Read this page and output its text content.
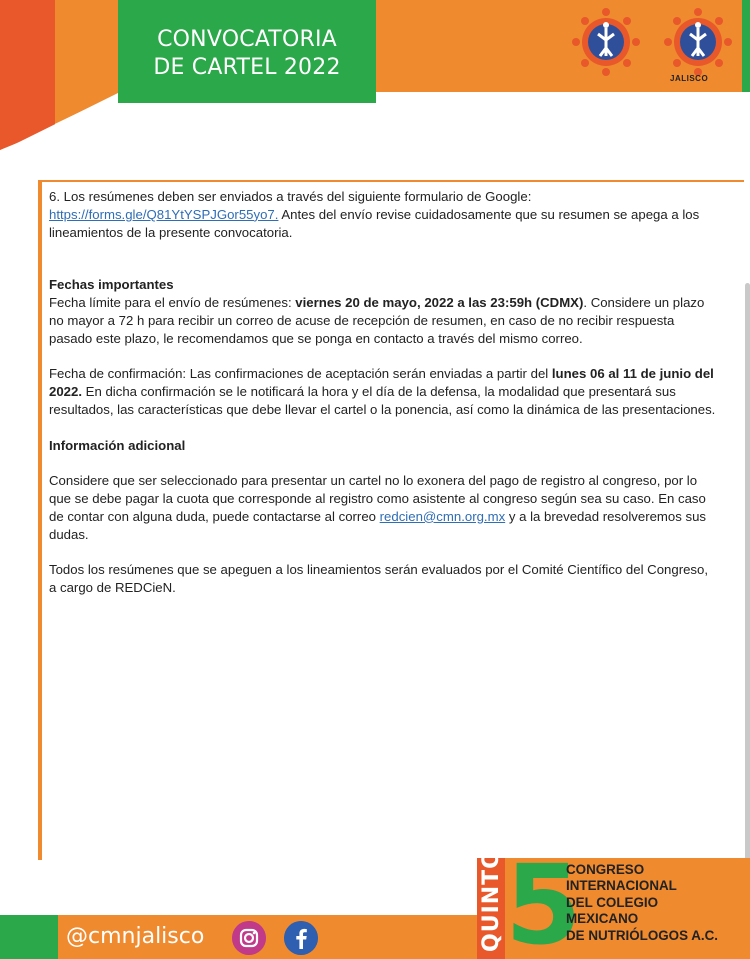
CONVOCATORIA
DE CARTEL 2022	JALISCO

6. Los resúmenes deben ser enviados a través del siguiente formulario de Google:
https://forms.gle/Q81YtYSPJGor55yo7. Antes del envío revise cuidadosamente que su resumen se apega a los lineamientos de la presente convocatoria.

Fechas importantes

Fecha límite para el envío de resúmenes: viernes 20 de mayo, 2022 a las 23:59h (CDMX). Considere un plazo no mayor a 72 h para recibir un correo de acuse de recepción de resumen, en caso de no recibir respuesta pasado este plazo, le recomendamos que se ponga en contacto a través del mismo correo.

Fecha de confirmación: Las confirmaciones de aceptación serán enviadas a partir del lunes 06 al 11 de junio del 2022. En dicha confirmación se le notificará la hora y el día de la defensa, la modalidad que presentará sus resultados, las características que debe llevar el cartel o la ponencia, así como la dinámica de las presentaciones.

Información adicional

Considere que ser seleccionado para presentar un cartel no lo exonera del pago de registro al congreso, por lo que se debe pagar la cuota que corresponde al registro como asistente al congreso según sea su caso. En caso de contar con alguna duda, puede contactarse al correo redcien@cmn.org.mx y a la brevedad resolveremos sus dudas.

Todos los resúmenes que se apeguen a los lineamientos serán evaluados por el Comité Científico del Congreso, a cargo de REDCieN.

@cmnjalisco	QUINTO 5
CONGRESO
INTERNACIONAL
DEL COLEGIO
MEXICANO
DE NUTRIÓLOGOS A.C.
